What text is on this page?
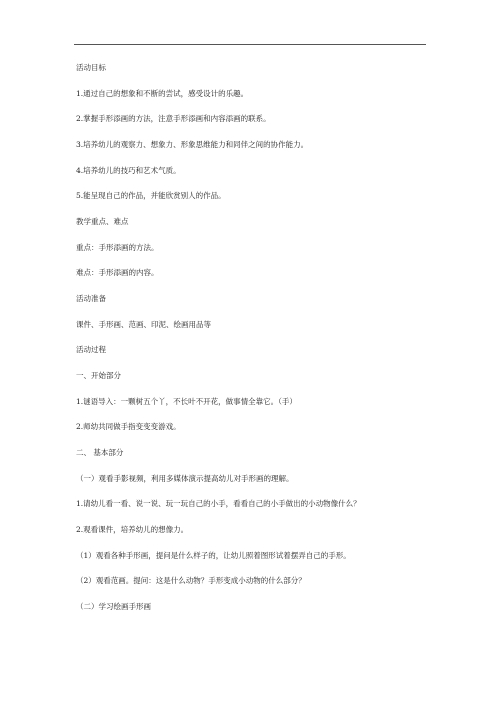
活动目标
1.通过自己的想象和不断的尝试，感受设计的乐趣。
2.掌握手形添画的方法，注意手形添画和内容添画的联系。
3.培养幼儿的观察力、想象力、形象思维能力和同伴之间的协作能力。
4.培养幼儿的技巧和艺术气质。
5.能呈现自己的作品，并能欣赏别人的作品。
教学重点、难点
重点：手形添画的方法。
难点：手形添画的内容。
活动准备
课件、手形画、范画、印泥、绘画用品等
活动过程
一、开始部分
1.谜语导入：一颗树五个丫，不长叶不开花，做事情全靠它。（手）
2.师幼共同做手指变变变游戏。
二、 基本部分
（一）观看手影视频，利用多媒体演示提高幼儿对手形画的理解。
1.请幼儿看一看、说一说、玩一玩自己的小手，看看自己的小手做出的小动物像什么？
2.观看课件，培养幼儿的想像力。
（1）观看各种手形画，提问是什么样子的，让幼儿照着图形试着摆弄自己的手形。
（2）观看范画。提问：这是什么动物？手形变成小动物的什么部分？
（二）学习绘画手形画
